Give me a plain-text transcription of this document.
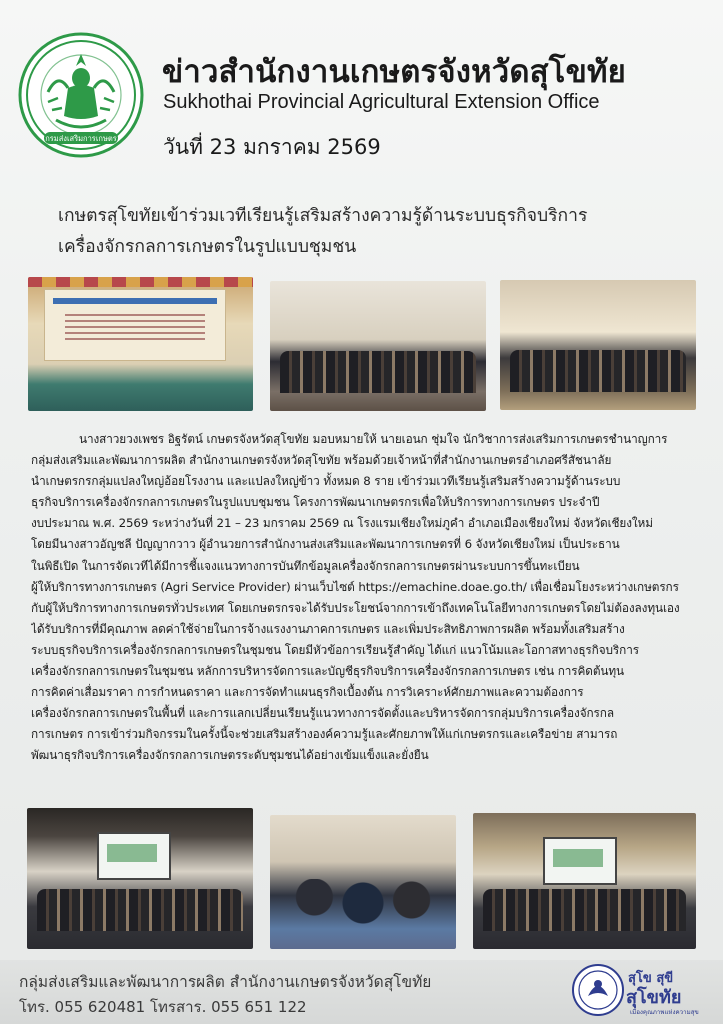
กรมส่งเสริมการเกษตร
ข่าวสำนักงานเกษตรจังหวัดสุโขทัย
Sukhothai Provincial Agricultural Extension Office
วันที่ 23 มกราคม 2569
เกษตรสุโขทัยเข้าร่วมเวทีเรียนรู้เสริมสร้างความรู้ด้านระบบธุรกิจบริการ
เครื่องจักรกลการเกษตรในรูปแบบชุมชน
นางสาวยวงเพชร อิฐรัตน์ เกษตรจังหวัดสุโขทัย มอบหมายให้ นายเอนก ชุ่มใจ นักวิชาการส่งเสริมการเกษตรชำนาญการ
กลุ่มส่งเสริมและพัฒนาการผลิต สำนักงานเกษตรจังหวัดสุโขทัย พร้อมด้วยเจ้าหน้าที่สำนักงานเกษตรอำเภอศรีสัชนาลัย
นำเกษตรกรกลุ่มแปลงใหญ่อ้อยโรงงาน และแปลงใหญ่ข้าว ทั้งหมด 8 ราย เข้าร่วมเวทีเรียนรู้เสริมสร้างความรู้ด้านระบบ
ธุรกิจบริการเครื่องจักรกลการเกษตรในรูปแบบชุมชน โครงการพัฒนาเกษตรกรเพื่อให้บริการทางการเกษตร ประจำปี
งบประมาณ พ.ศ. 2569 ระหว่างวันที่ 21 – 23 มกราคม 2569 ณ โรงแรมเชียงใหม่ภูคำ อำเภอเมืองเชียงใหม่ จังหวัดเชียงใหม่
โดยมีนางสาวอัญชลี ปัญญากวาว ผู้อำนวยการสำนักงานส่งเสริมและพัฒนาการเกษตรที่ 6 จังหวัดเชียงใหม่ เป็นประธาน
ในพิธีเปิด ในการจัดเวทีได้มีการชี้แจงแนวทางการบันทึกข้อมูลเครื่องจักรกลการเกษตรผ่านระบบการขึ้นทะเบียน
ผู้ให้บริการทางการเกษตร (Agri Service Provider) ผ่านเว็บไซต์ https://emachine.doae.go.th/ เพื่อเชื่อมโยงระหว่างเกษตรกร
กับผู้ให้บริการทางการเกษตรทั่วประเทศ โดยเกษตรกรจะได้รับประโยชน์จากการเข้าถึงเทคโนโลยีทางการเกษตรโดยไม่ต้องลงทุนเอง
ได้รับบริการที่มีคุณภาพ ลดค่าใช้จ่ายในการจ้างแรงงานภาคการเกษตร และเพิ่มประสิทธิภาพการผลิต พร้อมทั้งเสริมสร้าง
ระบบธุรกิจบริการเครื่องจักรกลการเกษตรในชุมชน โดยมีหัวข้อการเรียนรู้สำคัญ ได้แก่ แนวโน้มและโอกาสทางธุรกิจบริการ
เครื่องจักรกลการเกษตรในชุมชน หลักการบริหารจัดการและบัญชีธุรกิจบริการเครื่องจักรกลการเกษตร เช่น การคิดต้นทุน
การคิดค่าเสื่อมราคา การกำหนดราคา และการจัดทำแผนธุรกิจเบื้องต้น การวิเคราะห์ศักยภาพและความต้องการ
เครื่องจักรกลการเกษตรในพื้นที่ และการแลกเปลี่ยนเรียนรู้แนวทางการจัดตั้งและบริหารจัดการกลุ่มบริการเครื่องจักรกล
การเกษตร การเข้าร่วมกิจกรรมในครั้งนี้จะช่วยเสริมสร้างองค์ความรู้และศักยภาพให้แก่เกษตรกรและเครือข่าย สามารถ
พัฒนาธุรกิจบริการเครื่องจักรกลการเกษตรระดับชุมชนได้อย่างเข้มแข็งและยั่งยืน
กลุ่มส่งเสริมและพัฒนาการผลิต สำนักงานเกษตรจังหวัดสุโขทัย
โทร. 055 620481 โทรสาร. 055 651 122
สุโข สุขี
สุโขทัย
เมืองคุณภาพแห่งความสุข
